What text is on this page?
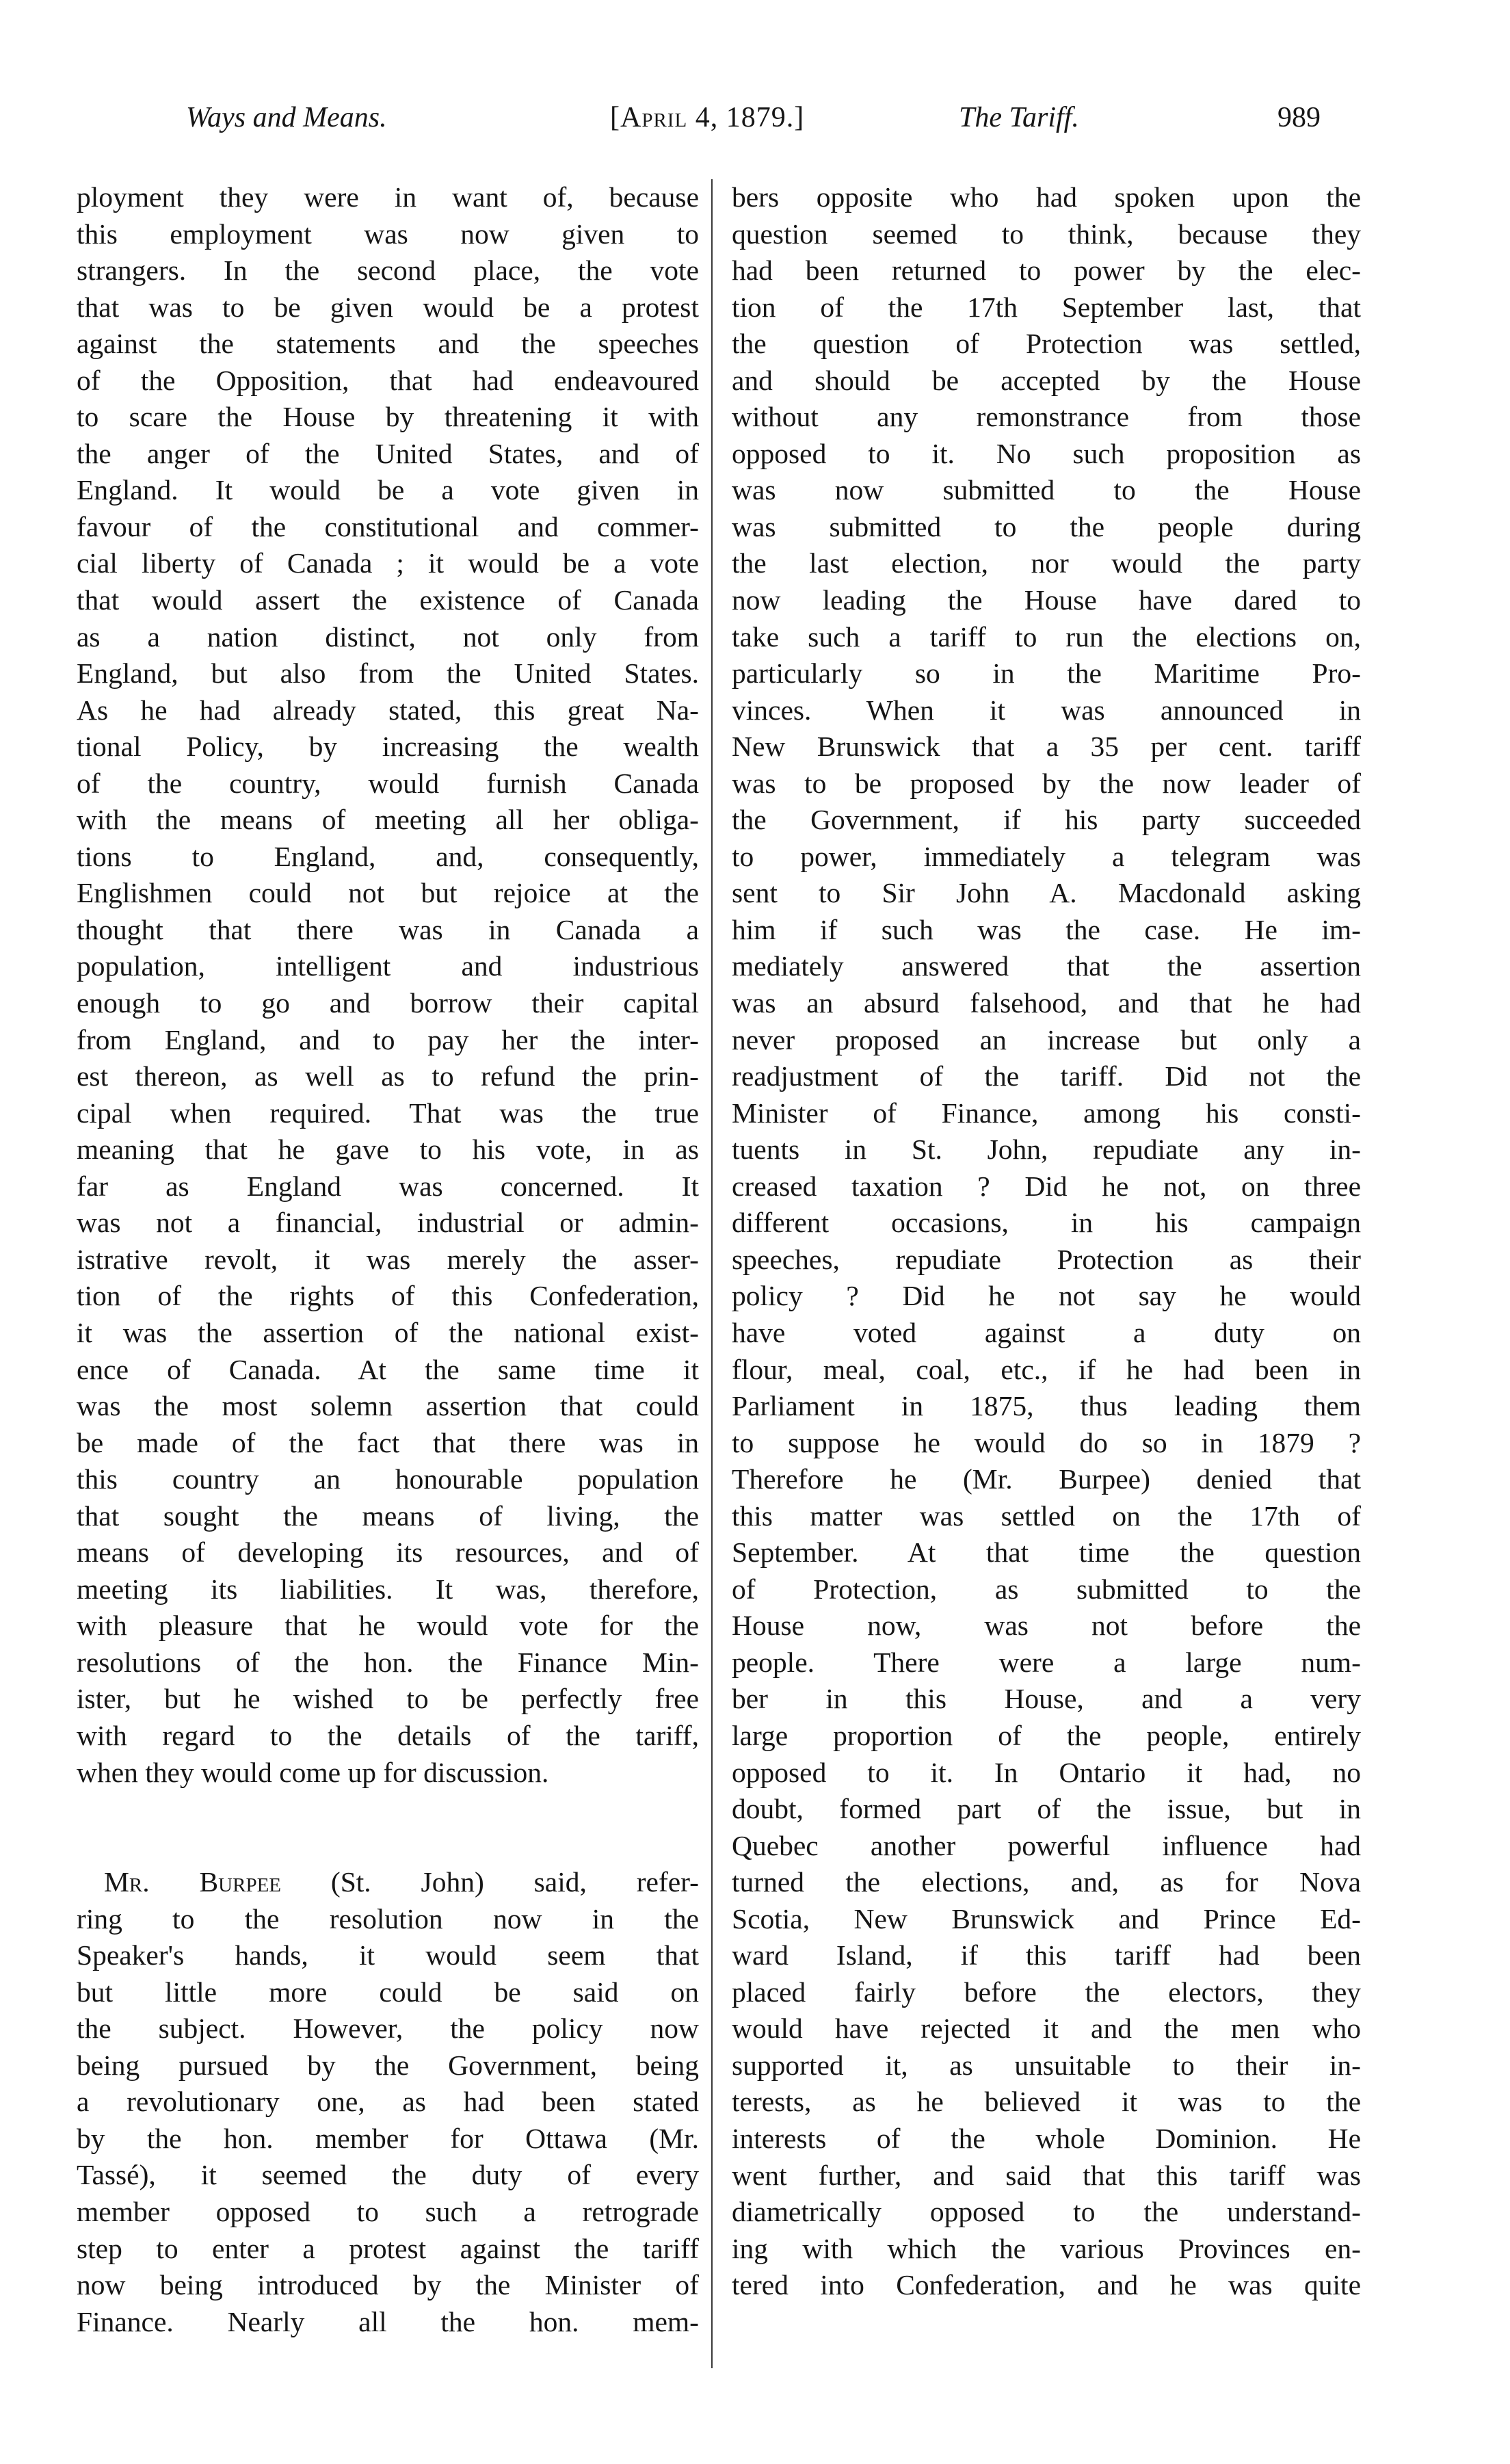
Ways and Means.	[April 4, 1879.]	The Tariff.	989
ployment they were in want of, because
this employment was now given to
strangers. In the second place, the vote
that was to be given would be a protest
against the statements and the speeches
of the Opposition, that had endeavoured
to scare the House by threatening it with
the anger of the United States, and of
England. It would be a vote given in
favour of the constitutional and commer-
cial liberty of Canada ; it would be a vote
that would assert the existence of Canada
as a nation distinct, not only from
England, but also from the United States.
As he had already stated, this great Na-
tional Policy, by increasing the wealth
of the country, would furnish Canada
with the means of meeting all her obliga-
tions to England, and, consequently,
Englishmen could not but rejoice at the
thought that there was in Canada a
population, intelligent and industrious
enough to go and borrow their capital
from England, and to pay her the inter-
est thereon, as well as to refund the prin-
cipal when required. That was the true
meaning that he gave to his vote, in as
far as England was concerned. It
was not a financial, industrial or admin-
istrative revolt, it was merely the asser-
tion of the rights of this Confederation,
it was the assertion of the national exist-
ence of Canada. At the same time it
was the most solemn assertion that could
be made of the fact that there was in
this country an honourable population
that sought the means of living, the
means of developing its resources, and of
meeting its liabilities. It was, therefore,
with pleasure that he would vote for the
resolutions of the hon. the Finance Min-
ister, but he wished to be perfectly free
with regard to the details of the tariff,
when they would come up for discussion.
Mr. Burpee (St. John) said, refer-
ring to the resolution now in the
Speaker's hands, it would seem that
but little more could be said on
the subject. However, the policy now
being pursued by the Government, being
a revolutionary one, as had been stated
by the hon. member for Ottawa (Mr.
Tassé), it seemed the duty of every
member opposed to such a retrograde
step to enter a protest against the tariff
now being introduced by the Minister of
Finance. Nearly all the hon. mem-
bers opposite who had spoken upon the
question seemed to think, because they
had been returned to power by the elec-
tion of the 17th September last, that
the question of Protection was settled,
and should be accepted by the House
without any remonstrance from those
opposed to it. No such proposition as
was now submitted to the House
was submitted to the people during
the last election, nor would the party
now leading the House have dared to
take such a tariff to run the elections on,
particularly so in the Maritime Pro-
vinces. When it was announced in
New Brunswick that a 35 per cent. tariff
was to be proposed by the now leader of
the Government, if his party succeeded
to power, immediately a telegram was
sent to Sir John A. Macdonald asking
him if such was the case. He im-
mediately answered that the assertion
was an absurd falsehood, and that he had
never proposed an increase but only a
readjustment of the tariff. Did not the
Minister of Finance, among his consti-
tuents in St. John, repudiate any in-
creased taxation ? Did he not, on three
different occasions, in his campaign
speeches, repudiate Protection as their
policy ? Did he not say he would
have voted against a duty on
flour, meal, coal, etc., if he had been in
Parliament in 1875, thus leading them
to suppose he would do so in 1879 ?
Therefore he (Mr. Burpee) denied that
this matter was settled on the 17th of
September. At that time the question
of Protection, as submitted to the
House now, was not before the
people. There were a large num-
ber in this House, and a very
large proportion of the people, entirely
opposed to it. In Ontario it had, no
doubt, formed part of the issue, but in
Quebec another powerful influence had
turned the elections, and, as for Nova
Scotia, New Brunswick and Prince Ed-
ward Island, if this tariff had been
placed fairly before the electors, they
would have rejected it and the men who
supported it, as unsuitable to their in-
terests, as he believed it was to the
interests of the whole Dominion. He
went further, and said that this tariff was
diametrically opposed to the understand-
ing with which the various Provinces en-
tered into Confederation, and he was quite
